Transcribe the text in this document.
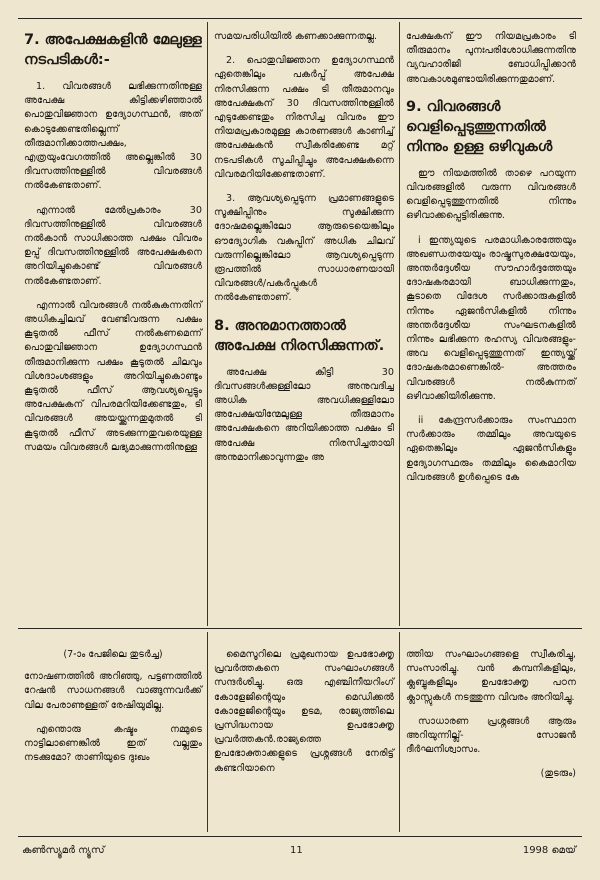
7. അപേക്ഷകളിൻ മേലുള്ള നടപടികൾ:-

1. വിവരങ്ങൾ ലഭിക്കുന്നതിനുള്ള അപേക്ഷ കിട്ടിക്കഴിഞ്ഞാൽ പൊതുവിജ്ഞാന ഉദ്യോഗസ്ഥൻ, അത് കൊടുക്കേണ്ടതില്ലെന്ന് തീരുമാനിക്കാത്തപക്ഷം, എത്രയുംവേഗത്തിൽ അല്ലെങ്കിൽ 30 ദിവസത്തിനുള്ളിൽ വിവരങ്ങൾ നൽകേണ്ടതാണ്.

എന്നാൽ മേൽപ്രകാരം 30 ദിവസത്തിനുള്ളിൽ വിവരങ്ങൾ നൽകാൻ സാധിക്കാത്ത പക്ഷം വിവരം ഉപ്പ് ദിവസത്തിനുള്ളിൽ അപേക്ഷകനെ അറിയിച്ചുകൊണ്ട് വിവരങ്ങൾ നൽകേണ്ടതാണ്.

എന്നാൽ വിവരങ്ങൾ നൽകുകന്നതിന് അധികച്ചിലവ് വേണ്ടിവരുന്ന പക്ഷം കൂടുതൽ ഫീസ് നൽകണമെന്ന് പൊതുവിജ്ഞാന ഉദ്യോഗസ്ഥൻ തീരുമാനിക്കുന്ന പക്ഷം കൂടുതൽ ചിലവും വിശദാംശങ്ങളും അറിയിച്ചുകൊണ്ടും കൂടുതൽ ഫീസ് ആവശ്യപ്പെട്ടും അപേക്ഷകന് വിപരമറിയിക്കേണ്ടതും, ടി വിവരങ്ങൾ അയയ്ക്കുന്നതുമുതൽ ടി കൂടുതൽ ഫീസ് അടക്കുന്നതുവരെയുള്ള സമയം വിവരങ്ങൾ ലഭ്യമാക്കുന്നതിനുള്ള

സമയപരിധിയിൽ കണക്കാക്കുന്നതല്ല.

2. പൊതുവിജ്ഞാന ഉദ്യോഗസ്ഥൻ ഏതെങ്കിലും പകർപ്പ് അപേക്ഷ നിരസിക്കുന്ന പക്ഷം ടി തീരുമാനവും അപേക്ഷകന് 30 ദിവസത്തിനുള്ളിൽ എടുക്കേണ്ടതും നിരസിച്ച വിവരം ഈ നിയമപ്രകാരമുള്ള കാരണങ്ങൾ കാണിച്ച് അപേക്ഷകൻ സ്വീകരിക്കേണ്ട മറ്റ് നടപടികൾ സൂചിപ്പിച്ചും അപേക്ഷകന്നെ വിവരമറിയിക്കേണ്ടതാണ്.

3. ആവശ്യപ്പെടുന്ന പ്രമാണങ്ങളുടെ സൂക്ഷിപ്പിനും സൂക്ഷിക്കുന്ന ദോഷമല്ലെങ്കിലോ ആരുടെയെങ്കിലും ഔദ്യോഗിക വകുപ്പിന് അധിക ചിലവ് വരുന്നില്ലെങ്കിലോ ആവശ്യപ്പെടുന്ന രൂപത്തിൽ സാധാരണയായി വിവരങ്ങൾ/പകർപ്പുകൾ നൽകേണ്ടതാണ്.

8. അനുമാനത്താൽ അപേക്ഷ നിരസിക്കുന്നത്.

അപേക്ഷ കിട്ടി 30 ദിവസങ്ങൾക്കുള്ളിലോ അനുവദിച്ച അധിക അവധിക്കുള്ളിലോ അപേക്ഷയിന്മേലുള്ള തീരുമാനം അപേക്ഷകനെ അറിയിക്കാത്ത പക്ഷം ടി അപേക്ഷ നിരസിച്ചതായി അനുമാനിക്കാവുന്നതും അ

പേക്ഷകന് ഈ നിയമപ്രകാരം ടി തീരുമാനം പുനഃപരിശോധിക്കുന്നതിനു വ്യവഹാരിജി ബോധിപ്പിക്കാൻ അവകാശമുണ്ടായിരിക്കുന്നതുമാണ്.

9. വിവരങ്ങൾ വെളിപ്പെടുത്തുന്നതിൽ നിന്നും ഉള്ള ഒഴിവുകൾ

ഈ നിയമത്തിൽ താഴെ പറയുന്ന വിവരങ്ങളിൽ വരുന്ന വിവരങ്ങൾ വെളിപ്പെടുത്തുന്നതിൽ നിന്നും ഒഴിവാക്കപ്പെട്ടിരിക്കുന്നു.

i ഇന്ത്യയുടെ പരമാധികാരത്തേയും അഖണ്ഡതയേയും രാഷ്ട്രസുരക്ഷയേയും, അന്തർദ്ദേശീയ സൗഹാർദ്ദത്തേയും ദോഷകരമായി ബാധിക്കുന്നതും, കൂടാതെ വിദേശ സർക്കാരുകളിൽ നിന്നും ഏജൻസികളിൽ നിന്നും അന്തർദ്ദേശീയ സംഘടനകളിൽ നിന്നും ലഭിക്കുന്ന രഹസ്യ വിവരങ്ങളും- അവ വെളിപ്പെടുത്തുന്നത് ഇന്ത്യയ്ക്ക് ദോഷകരമാണെങ്കിൽ- അത്തരം വിവരങ്ങൾ നൽകുന്നത് ഒഴിവാക്കിയിരിക്കുന്നു.

ii കേന്ദ്രസർക്കാരും സംസ്ഥാന സർക്കാരും തമ്മിലും അവയുടെ ഏതെങ്കിലും ഏജൻസികളും ഉദ്യോഗസ്ഥരും തമ്മിലും കൈമാറിയ വിവരങ്ങൾ ഉൾപ്പെടെ കേ

(7-ാം പേജിലെ തുടർച്ച)

നോഷണത്തിൽ അറിഞ്ഞു, പട്ടണത്തിൽ റേഷൻ സാധനങ്ങൾ വാങ്ങുന്നവർക്ക് വില പേരാണുള്ളത് രേഷിയുമില്ല.

എന്തൊരു കഷ്ടം നമ്മുടെ നാട്ടിലാണെങ്കിൽ ഇത് വല്ലതും നടക്കുമോ? താണിയുടെ ദുഃഖം

മൈസൂറിലെ പ്രമുഖനായ ഉപഭോക്തൃ പ്രവർത്തകനെ സംഘാംഗങ്ങൾ സന്ദർശിച്ചു. ഒരു എഞ്ചിനീയറിംഗ് കോളേജിന്റെയും മെഡിക്കൽ കോളേജിന്റെയും ഉടമ, രാജ്യത്തിലെ പ്രസിദ്ധനായ ഉപഭോക്തൃ പ്രവർത്തകൻ.രാജ്യത്തെ ഉപഭോക്താക്കളുടെ പ്രശ്നങ്ങൾ നേരിട്ട് കണ്ടറിയാനെ

ത്തിയ സംഘാംഗങ്ങളെ സ്വീകരിച്ചു, സംസാരിച്ചു. വൻ കമ്പനികളിലും, ക്ലബ്ബുകളിലും ഉപഭോക്തൃ പഠന ക്ലാസ്സുകൾ നടത്തുന്ന വിവരം അറിയിച്ചു.

സാധാരണ പ്രശ്നങ്ങൾ ആരും അറിയുന്നില്ല്- സോജൻ ദീർഘനിശ്വാസം.

(തുടരും)
കൺസ്യൂമർ ന്യൂസ്	11	1998 മെയ്
